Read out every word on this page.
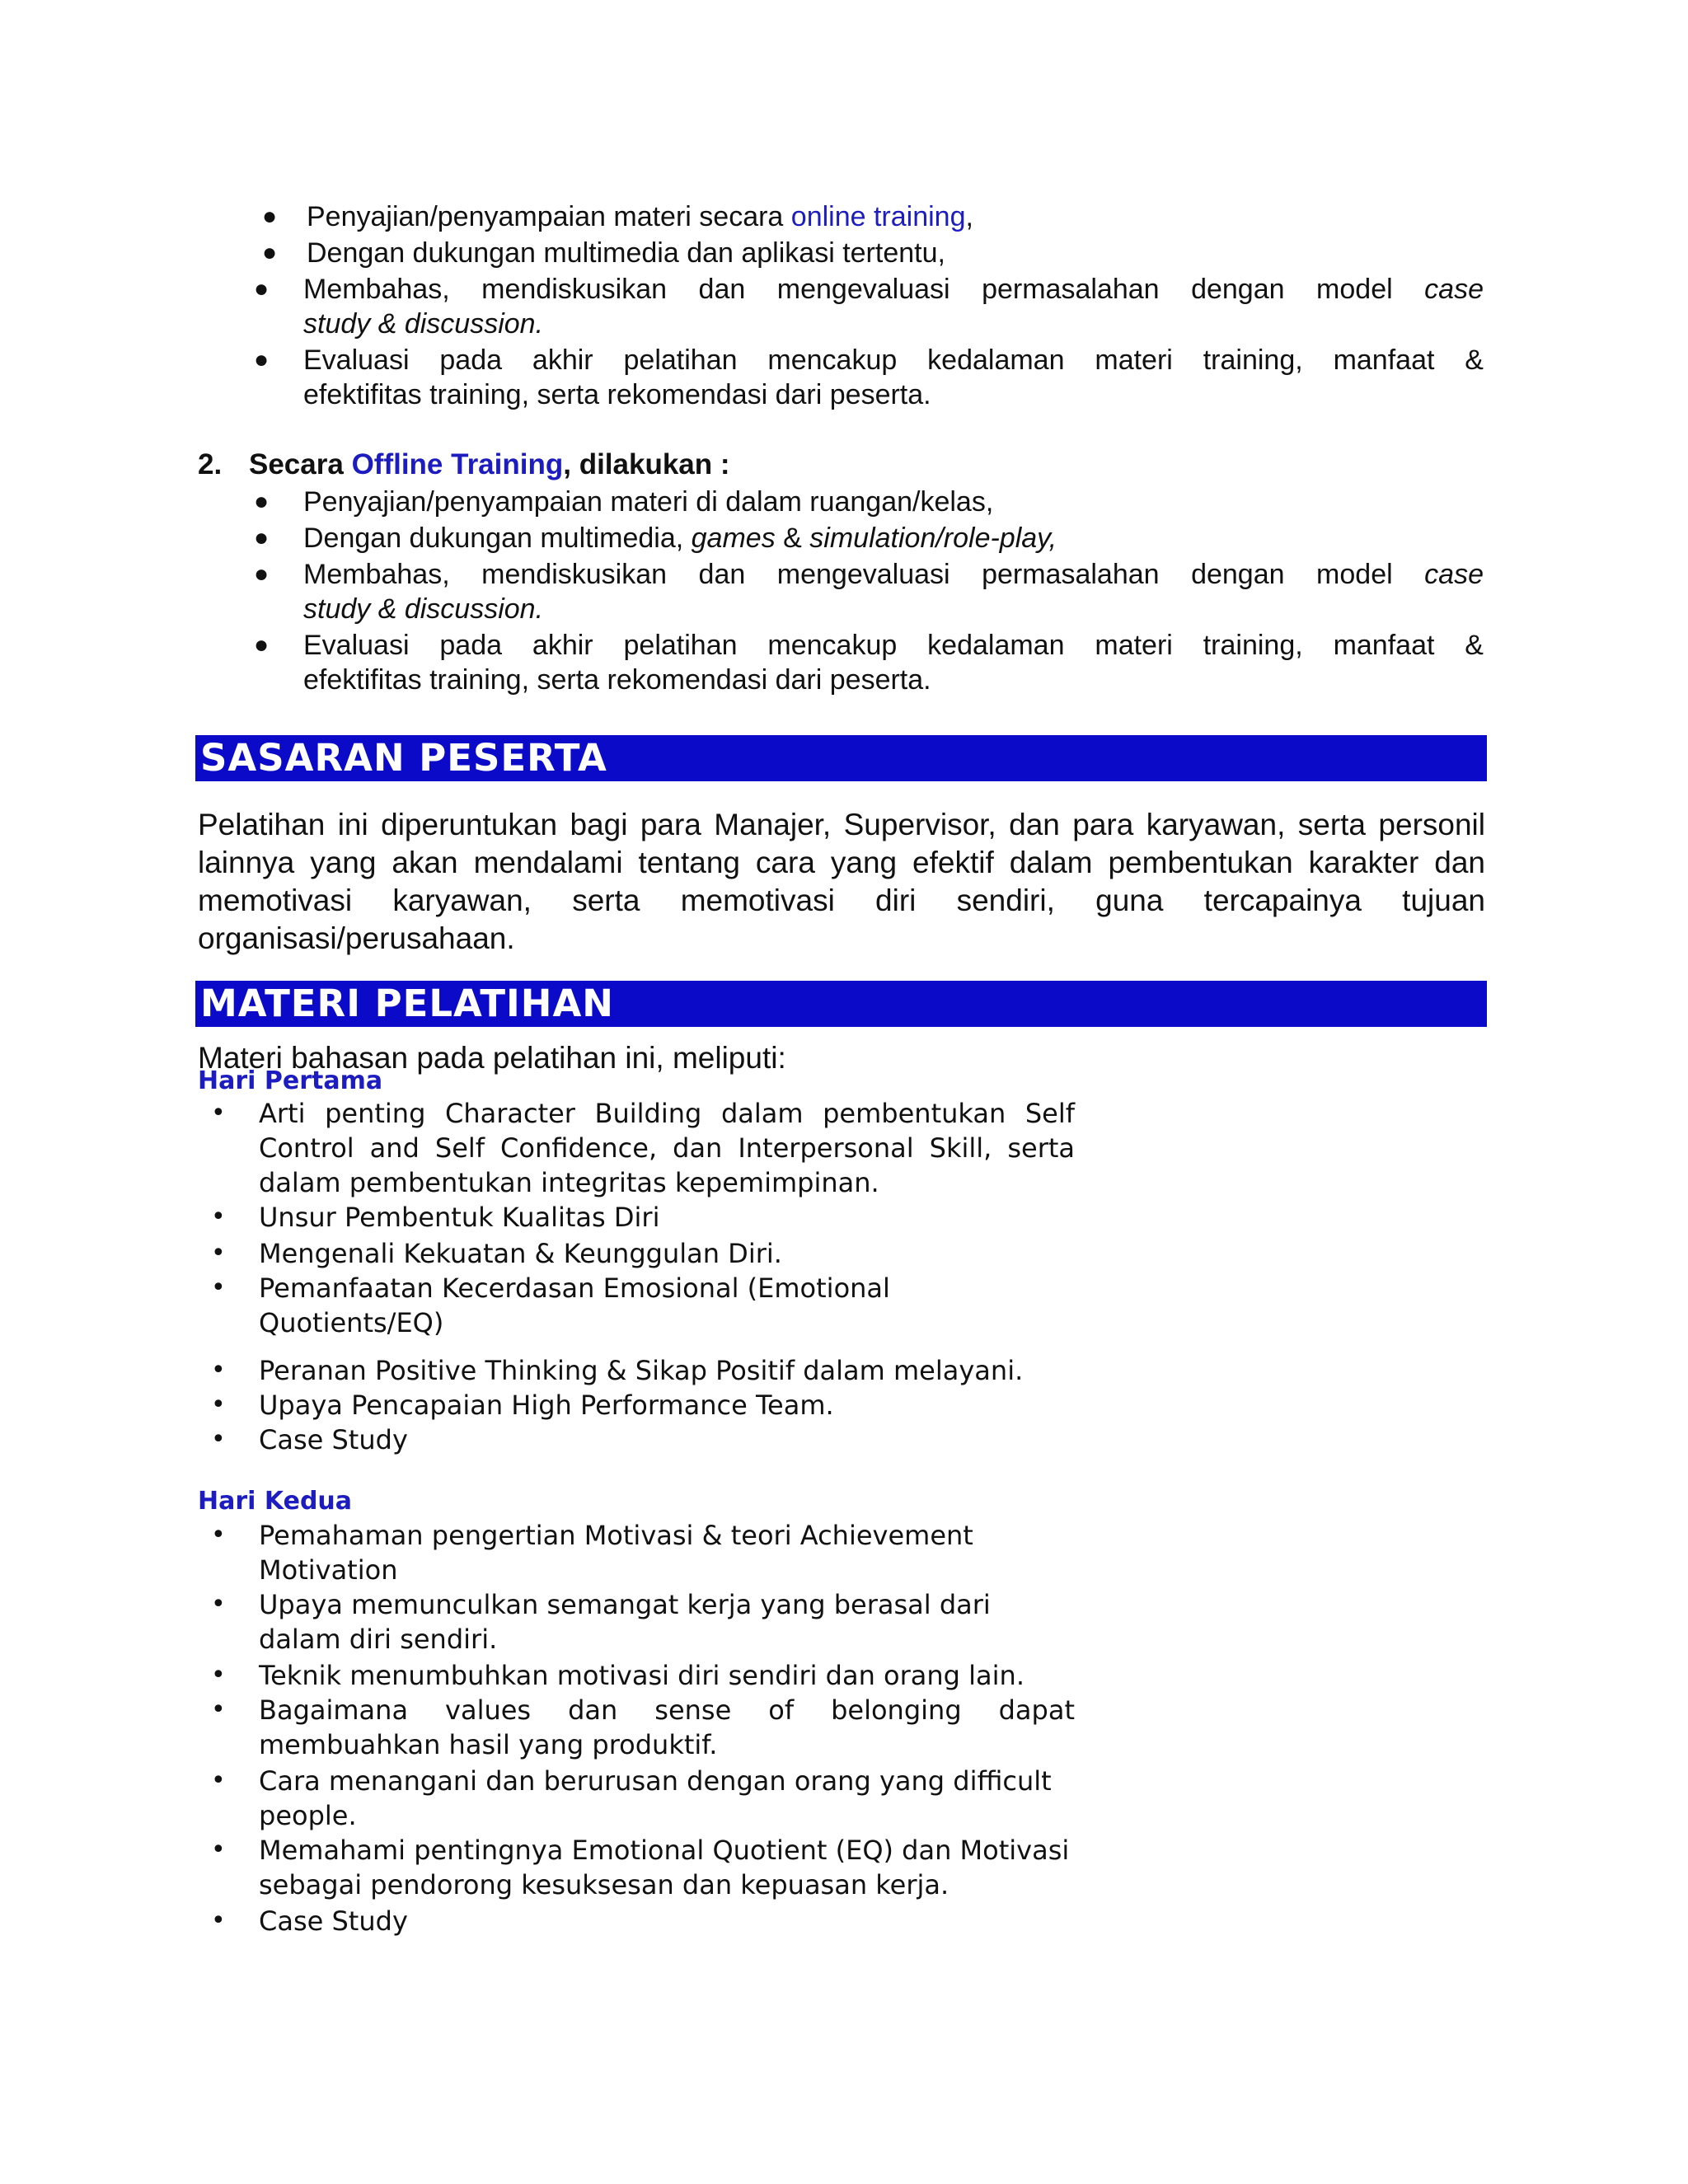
● Penyajian/penyampaian materi secara online training,
● Dengan dukungan multimedia dan aplikasi tertentu,
● Membahas, mendiskusikan dan mengevaluasi permasalahan dengan model case
study & discussion.
● Evaluasi pada akhir pelatihan mencakup kedalaman materi training, manfaat &
efektifitas training, serta rekomendasi dari peserta.
2. Secara Offline Training, dilakukan :
● Penyajian/penyampaian materi di dalam ruangan/kelas,
● Dengan dukungan multimedia, games & simulation/role-play,
● Membahas, mendiskusikan dan mengevaluasi permasalahan dengan model case
study & discussion.
● Evaluasi pada akhir pelatihan mencakup kedalaman materi training, manfaat &
efektifitas training, serta rekomendasi dari peserta.
SASARAN PESERTA
Pelatihan ini diperuntukan bagi para Manajer, Supervisor, dan para karyawan, serta personil lainnya yang akan mendalami tentang cara yang efektif dalam pembentukan karakter dan memotivasi karyawan, serta memotivasi diri sendiri, guna tercapainya tujuan organisasi/perusahaan.
MATERI PELATIHAN
Materi bahasan pada pelatihan ini, meliputi:
Hari Pertama
• Arti penting Character Building dalam pembentukan Self Control and Self Confidence, dan Interpersonal Skill, serta dalam pembentukan integritas kepemimpinan.
• Unsur Pembentuk Kualitas Diri
• Mengenali Kekuatan & Keunggulan Diri.
• Pemanfaatan Kecerdasan Emosional (Emotional Quotients/EQ)
• Peranan Positive Thinking & Sikap Positif dalam melayani.
• Upaya Pencapaian High Performance Team.
• Case Study
Hari Kedua
• Pemahaman pengertian Motivasi & teori Achievement Motivation
• Upaya memunculkan semangat kerja yang berasal dari dalam diri sendiri.
• Teknik menumbuhkan motivasi diri sendiri dan orang lain.
• Bagaimana values dan sense of belonging dapat membuahkan hasil yang produktif.
• Cara menangani dan berurusan dengan orang yang difficult people.
• Memahami pentingnya Emotional Quotient (EQ) dan Motivasi sebagai pendorong kesuksesan dan kepuasan kerja.
• Case Study
